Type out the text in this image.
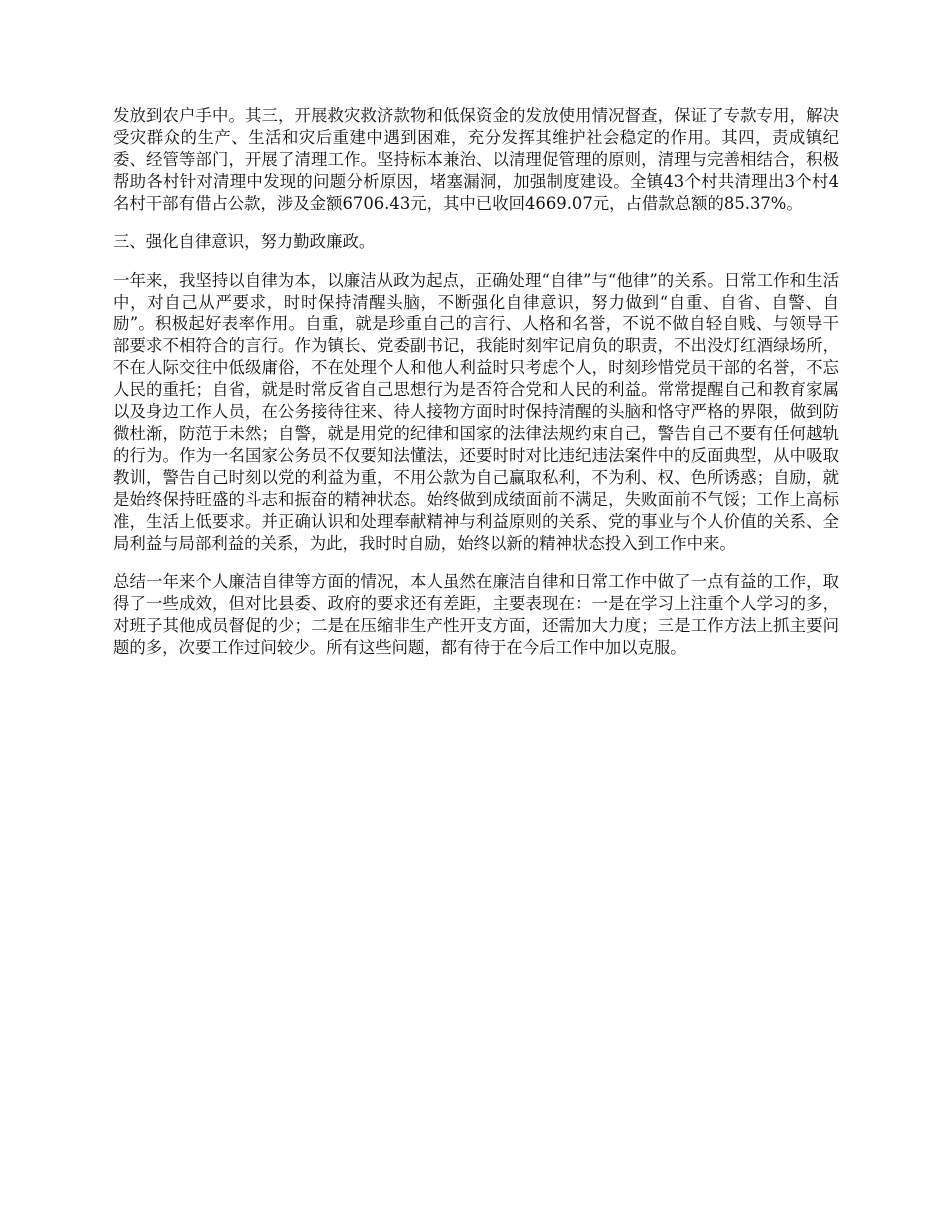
发放到农户手中。其三，开展救灾救济款物和低保资金的发放使用情况督查，保证了专款专用，解决受灾群众的生产、生活和灾后重建中遇到困难，充分发挥其维护社会稳定的作用。其四，责成镇纪委、经管等部门，开展了清理工作。坚持标本兼治、以清理促管理的原则，清理与完善相结合，积极帮助各村针对清理中发现的问题分析原因，堵塞漏洞，加强制度建设。全镇43个村共清理出3个村4名村干部有借占公款，涉及金额6706.43元，其中已收回4669.07元，占借款总额的85.37%。

三、强化自律意识，努力勤政廉政。

一年来，我坚持以自律为本，以廉洁从政为起点，正确处理“自律”与“他律”的关系。日常工作和生活中，对自己从严要求，时时保持清醒头脑，不断强化自律意识，努力做到“自重、自省、自警、自励”。积极起好表率作用。自重，就是珍重自己的言行、人格和名誉，不说不做自轻自贱、与领导干部要求不相符合的言行。作为镇长、党委副书记，我能时刻牢记肩负的职责，不出没灯红酒绿场所，不在人际交往中低级庸俗，不在处理个人和他人利益时只考虑个人，时刻珍惜党员干部的名誉，不忘人民的重托；自省，就是时常反省自己思想行为是否符合党和人民的利益。常常提醒自己和教育家属以及身边工作人员，在公务接待往来、待人接物方面时时保持清醒的头脑和恪守严格的界限，做到防微杜渐，防范于未然；自警，就是用党的纪律和国家的法律法规约束自己，警告自己不要有任何越轨的行为。作为一名国家公务员不仅要知法懂法，还要时时对比违纪违法案件中的反面典型，从中吸取教训，警告自己时刻以党的利益为重，不用公款为自己赢取私利，不为利、权、色所诱惑；自励，就是始终保持旺盛的斗志和振奋的精神状态。始终做到成绩面前不满足，失败面前不气馁；工作上高标准，生活上低要求。并正确认识和处理奉献精神与利益原则的关系、党的事业与个人价值的关系、全局利益与局部利益的关系，为此，我时时自励，始终以新的精神状态投入到工作中来。

总结一年来个人廉洁自律等方面的情况，本人虽然在廉洁自律和日常工作中做了一点有益的工作，取得了一些成效，但对比县委、政府的要求还有差距，主要表现在：一是在学习上注重个人学习的多，对班子其他成员督促的少；二是在压缩非生产性开支方面，还需加大力度；三是工作方法上抓主要问题的多，次要工作过问较少。所有这些问题，都有待于在今后工作中加以克服。
